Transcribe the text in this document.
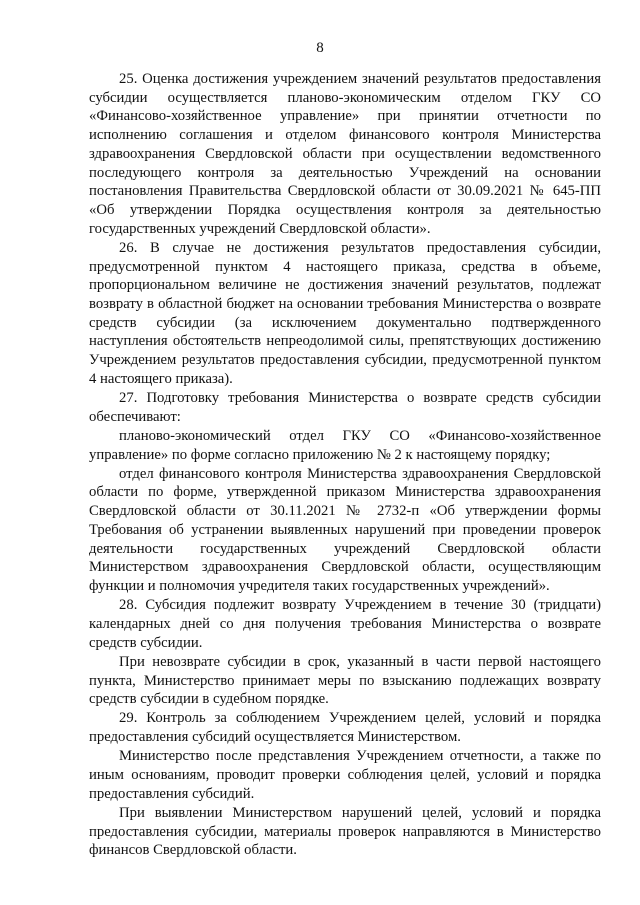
8

25. Оценка достижения учреждением значений результатов предоставления субсидии осуществляется планово-экономическим отделом ГКУ СО «Финансово-хозяйственное управление» при принятии отчетности по исполнению соглашения и отделом финансового контроля Министерства здравоохранения Свердловской области при осуществлении ведомственного последующего контроля за деятельностью Учреждений на основании постановления Правительства Свердловской области от 30.09.2021 № 645-ПП «Об утверждении Порядка осуществления контроля за деятельностью государственных учреждений Свердловской области».

26. В случае не достижения результатов предоставления субсидии, предусмотренной пунктом 4 настоящего приказа, средства в объеме, пропорциональном величине не достижения значений результатов, подлежат возврату в областной бюджет на основании требования Министерства о возврате средств субсидии (за исключением документально подтвержденного наступления обстоятельств непреодолимой силы, препятствующих достижению Учреждением результатов предоставления субсидии, предусмотренной пунктом 4 настоящего приказа).

27. Подготовку требования Министерства о возврате средств субсидии обеспечивают:

планово-экономический отдел ГКУ СО «Финансово-хозяйственное управление» по форме согласно приложению № 2 к настоящему порядку;

отдел финансового контроля Министерства здравоохранения Свердловской области по форме, утвержденной приказом Министерства здравоохранения Свердловской области от 30.11.2021 № 2732-п «Об утверждении формы Требования об устранении выявленных нарушений при проведении проверок деятельности государственных учреждений Свердловской области Министерством здравоохранения Свердловской области, осуществляющим функции и полномочия учредителя таких государственных учреждений».

28. Субсидия подлежит возврату Учреждением в течение 30 (тридцати) календарных дней со дня получения требования Министерства о возврате средств субсидии.

При невозврате субсидии в срок, указанный в части первой настоящего пункта, Министерство принимает меры по взысканию подлежащих возврату средств субсидии в судебном порядке.

29. Контроль за соблюдением Учреждением целей, условий и порядка предоставления субсидий осуществляется Министерством.

Министерство после представления Учреждением отчетности, а также по иным основаниям, проводит проверки соблюдения целей, условий и порядка предоставления субсидий.

При выявлении Министерством нарушений целей, условий и порядка предоставления субсидии, материалы проверок направляются в Министерство финансов Свердловской области.
